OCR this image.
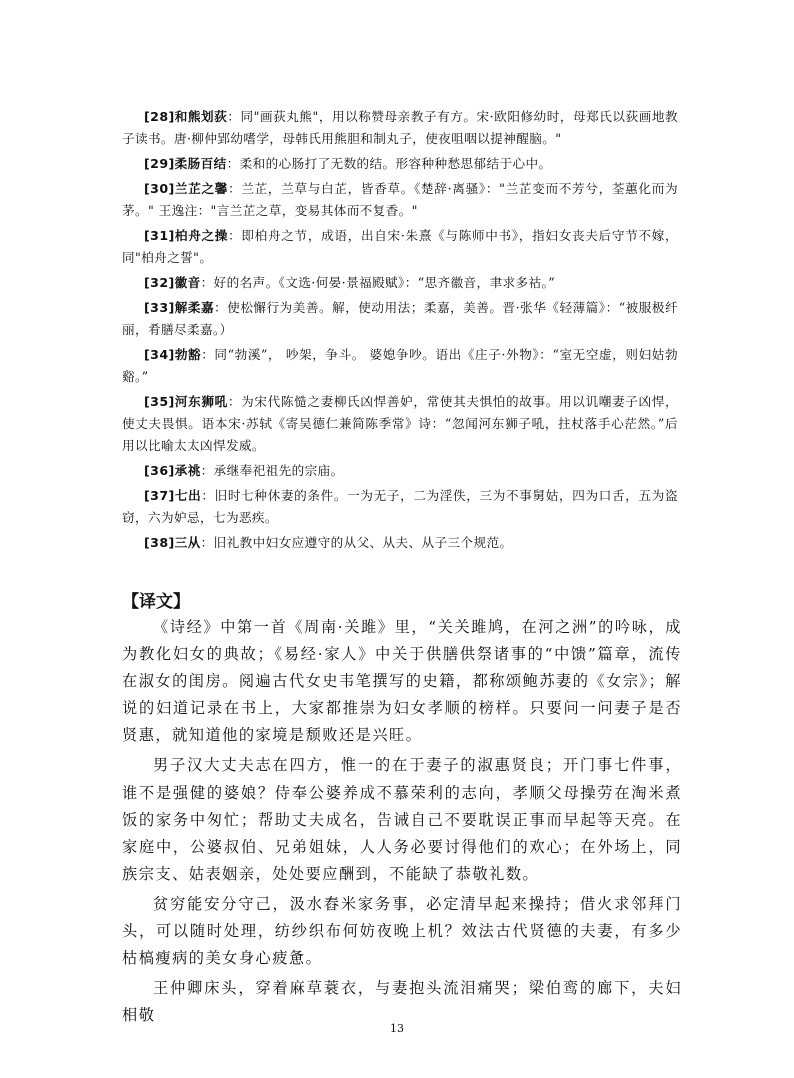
[28]和熊划荻：同"画荻丸熊"，用以称赞母亲教子有方。宋·欧阳修幼时，母郑氏以荻画地教子读书。唐·柳仲郢幼嗜学，母韩氏用熊胆和制丸子，使夜咀咽以提神醒脑。"

[29]柔肠百结：柔和的心肠打了无数的结。形容种种愁思郁结于心中。

[30]兰芷之馨：兰芷，兰草与白芷，皆香草。《楚辞·离骚》："兰芷变而不芳兮，荃蕙化而为茅。" 王逸注："言兰芷之草，变易其体而不复香。"

[31]柏舟之操：即柏舟之节，成语，出自宋·朱熹《与陈师中书》，指妇女丧夫后守节不嫁，同"柏舟之誓"。

[32]徽音：好的名声。《文选·何晏·景福殿赋》：“思齐徽音，聿求多祜。”

[33]解柔嘉：使松懈行为美善。解，使动用法；柔嘉，美善。晋·张华《轻薄篇》：“被服极纤丽，肴膳尽柔嘉。）

[34]勃豁：同“勃溪”， 吵架，争斗。 婆媳争吵。语出《庄子·外物》：“室无空虚，则妇姑勃谿。”

[35]河东狮吼：为宋代陈慥之妻柳氏凶悍善妒，常使其夫惧怕的故事。用以讥嘲妻子凶悍，使丈夫畏惧。语本宋·苏轼《寄吴德仁兼简陈季常》诗：“忽闻河东狮子吼，拄杖落手心茫然。”后用以比喻太太凶悍发威。

[36]承祧：承继奉祀祖先的宗庙。

[37]七出：旧时七种休妻的条件。一为无子，二为淫佚，三为不事舅姑，四为口舌，五为盗窃，六为妒忌，七为恶疾。

[38]三从：旧礼教中妇女应遵守的从父、从夫、从子三个规范。

【译文】

《诗经》中第一首《周南·关雎》里，“关关雎鸠，在河之洲”的吟咏，成为教化妇女的典故；《易经·家人》中关于供膳供祭诸事的“中馈”篇章，流传在淑女的闺房。阅遍古代女史韦笔撰写的史籍，都称颂鲍苏妻的《女宗》；解说的妇道记录在书上，大家都推崇为妇女孝顺的榜样。只要问一问妻子是否贤惠，就知道他的家境是颓败还是兴旺。

男子汉大丈夫志在四方，惟一的在于妻子的淑惠贤良；开门事七件事，谁不是强健的婆娘？侍奉公婆养成不慕荣利的志向，孝顺父母操劳在淘米煮饭的家务中匆忙；帮助丈夫成名，告诫自己不要耽误正事而早起等天亮。在家庭中，公婆叔伯、兄弟姐妹，人人务必要讨得他们的欢心；在外场上，同族宗支、姑表姻亲，处处要应酬到，不能缺了恭敬礼数。

贫穷能安分守己，汲水舂米家务事，必定清早起来操持；借火求邻拜门头，可以随时处理，纺纱织布何妨夜晚上机？效法古代贤德的夫妻，有多少枯槁瘦病的美女身心疲惫。

王仲卿床头，穿着麻草蓑衣，与妻抱头流泪痛哭；梁伯鸾的廊下，夫妇相敬

13
